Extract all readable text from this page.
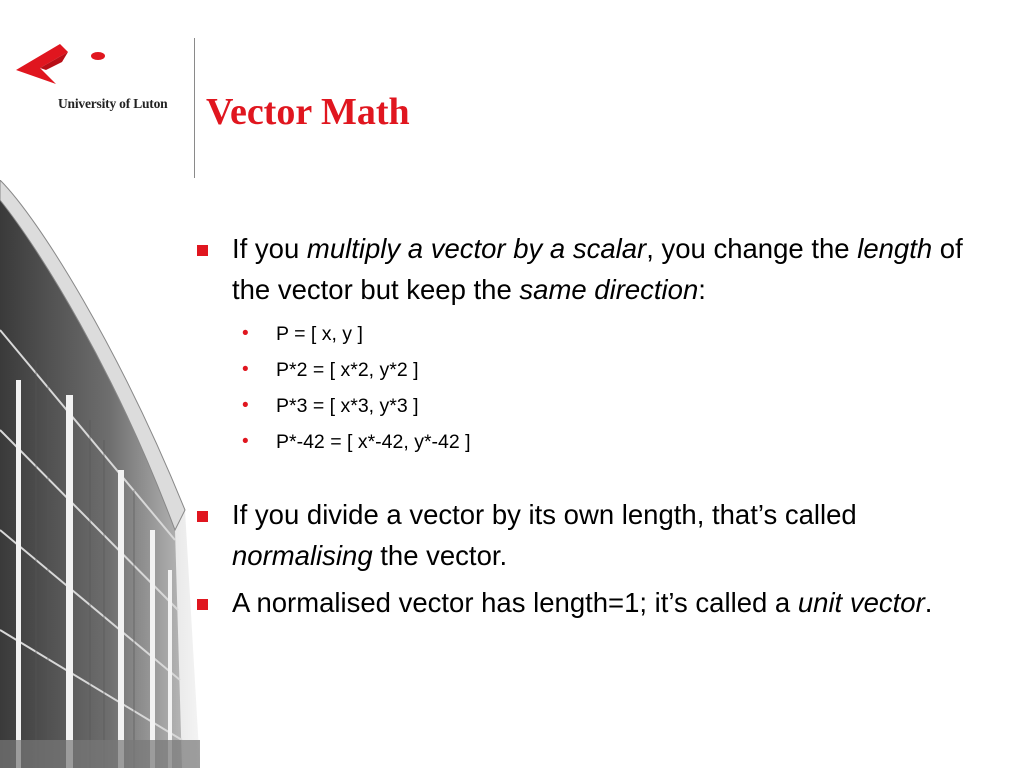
University of Luton Vector Math

If you multiply a vector by a scalar, you change the length of the vector but keep the same direction:

• P = [ x, y ]
• P*2 = [ x*2, y*2 ]
• P*3 = [ x*3, y*3 ]
• P*-42 = [ x*-42, y*-42 ]

If you divide a vector by its own length, that’s called normalising the vector.

A normalised vector has length=1; it’s called a unit vector.
